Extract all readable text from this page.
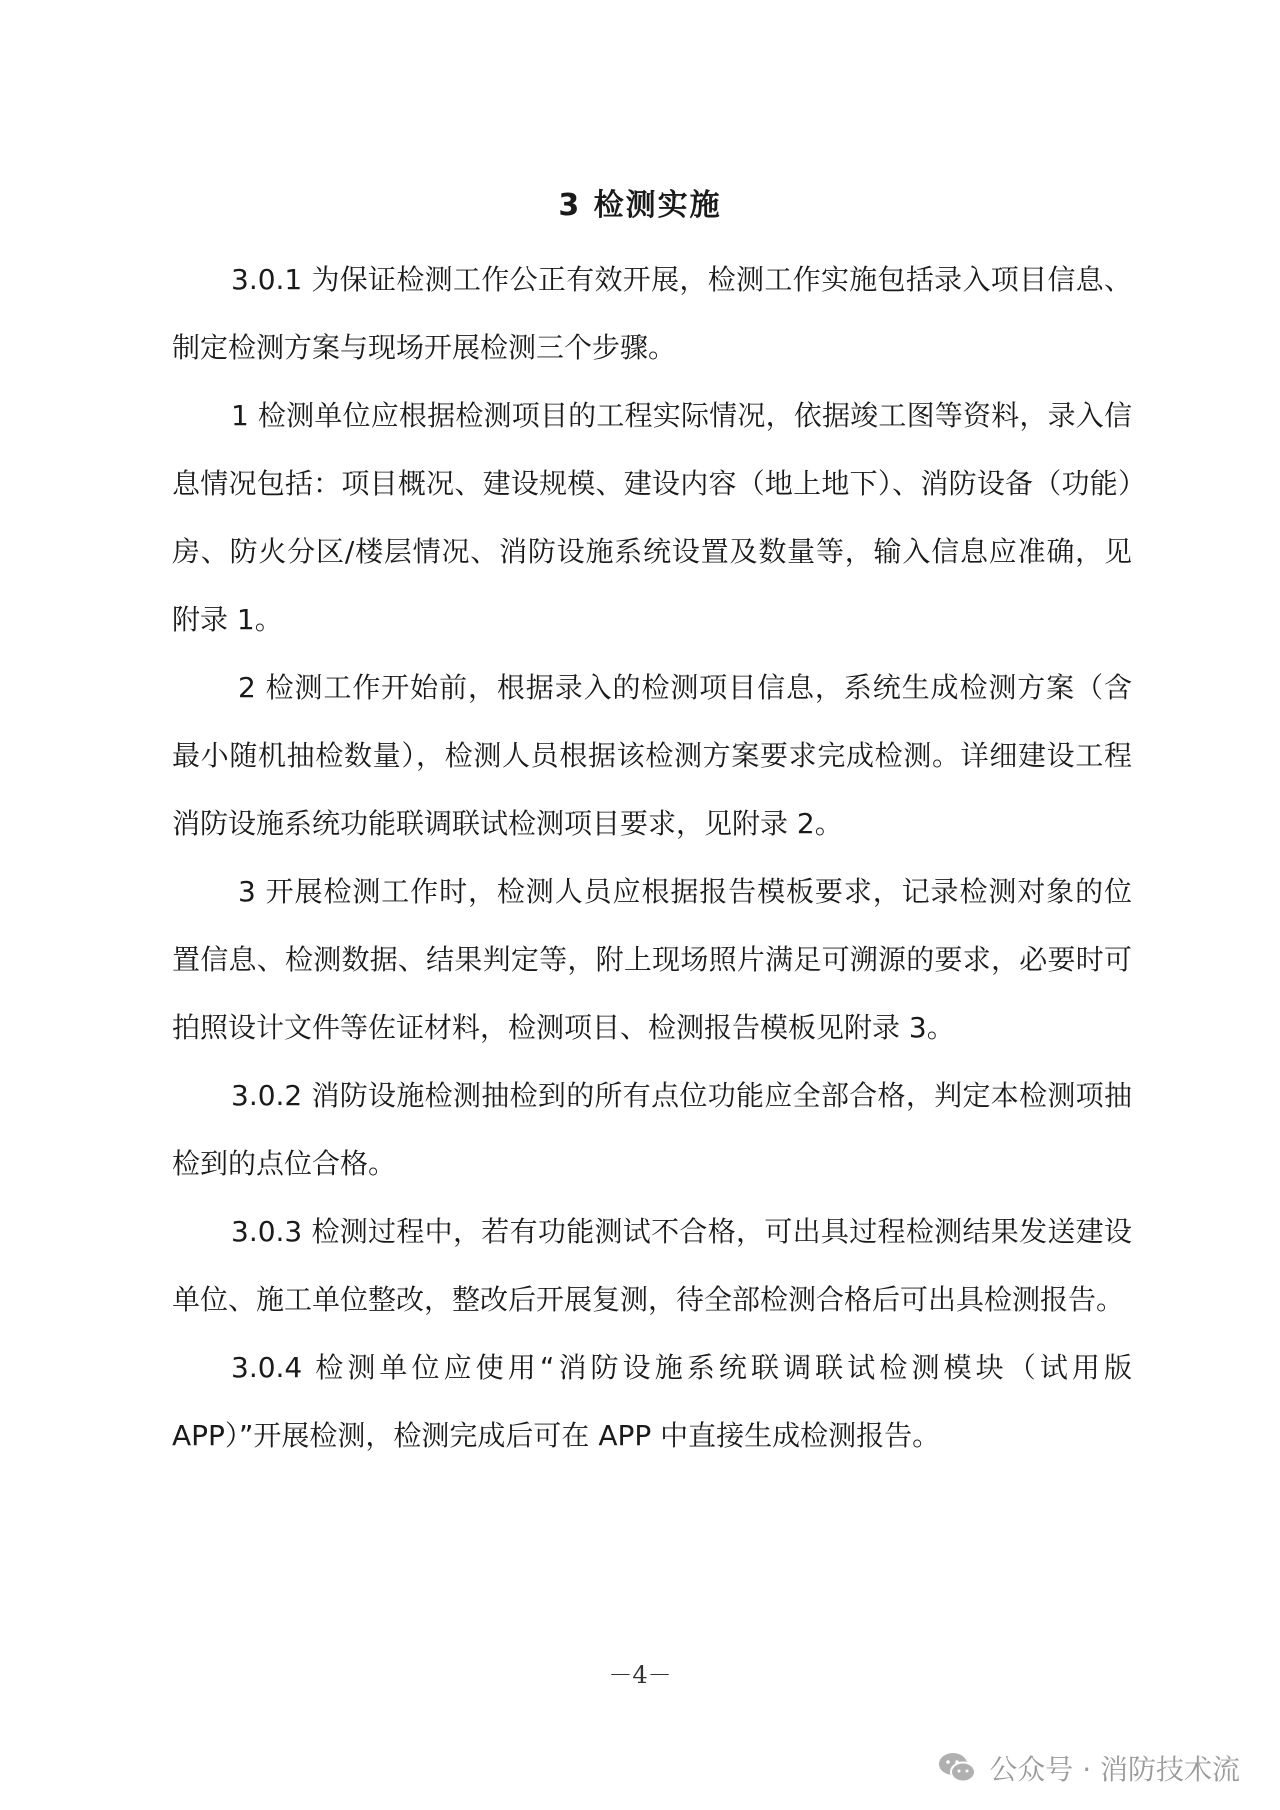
3 检测实施

3.0.1 为保证检测工作公正有效开展，检测工作实施包括录入项目信息、制定检测方案与现场开展检测三个步骤。

1 检测单位应根据检测项目的工程实际情况，依据竣工图等资料，录入信息情况包括：项目概况、建设规模、建设内容（地上地下）、消防设备（功能）房、防火分区/楼层情况、消防设施系统设置及数量等，输入信息应准确，见附录 1。

2 检测工作开始前，根据录入的检测项目信息，系统生成检测方案（含最小随机抽检数量），检测人员根据该检测方案要求完成检测。详细建设工程消防设施系统功能联调联试检测项目要求，见附录 2。

3 开展检测工作时，检测人员应根据报告模板要求，记录检测对象的位置信息、检测数据、结果判定等，附上现场照片满足可溯源的要求，必要时可拍照设计文件等佐证材料，检测项目、检测报告模板见附录 3。

3.0.2 消防设施检测抽检到的所有点位功能应全部合格，判定本检测项抽检到的点位合格。

3.0.3 检测过程中，若有功能测试不合格，可出具过程检测结果发送建设单位、施工单位整改，整改后开展复测，待全部检测合格后可出具检测报告。

3.0.4 检测单位应使用“消防设施系统联调联试检测模块（试用版 APP）”开展检测，检测完成后可在 APP 中直接生成检测报告。

－4－
公众号 · 消防技术流
